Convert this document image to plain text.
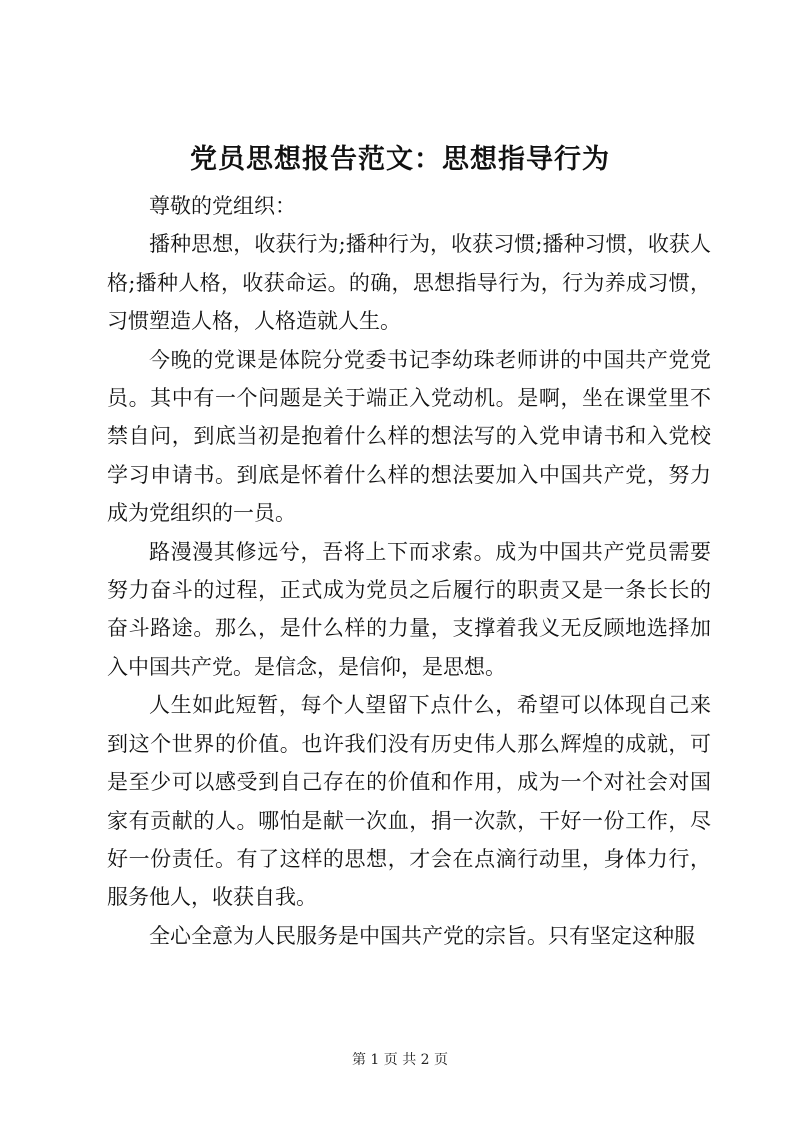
党员思想报告范文：思想指导行为

尊敬的党组织：

播种思想，收获行为;播种行为，收获习惯;播种习惯，收获人格;播种人格，收获命运。的确，思想指导行为，行为养成习惯，习惯塑造人格，人格造就人生。

今晚的党课是体院分党委书记李幼珠老师讲的中国共产党党员。其中有一个问题是关于端正入党动机。是啊，坐在课堂里不禁自问，到底当初是抱着什么样的想法写的入党申请书和入党校学习申请书。到底是怀着什么样的想法要加入中国共产党，努力成为党组织的一员。

路漫漫其修远兮，吾将上下而求索。成为中国共产党员需要努力奋斗的过程，正式成为党员之后履行的职责又是一条长长的奋斗路途。那么，是什么样的力量，支撑着我义无反顾地选择加入中国共产党。是信念，是信仰，是思想。

人生如此短暂，每个人望留下点什么，希望可以体现自己来到这个世界的价值。也许我们没有历史伟人那么辉煌的成就，可是至少可以感受到自己存在的价值和作用，成为一个对社会对国家有贡献的人。哪怕是献一次血，捐一次款，干好一份工作，尽好一份责任。有了这样的思想，才会在点滴行动里，身体力行，服务他人，收获自我。

全心全意为人民服务是中国共产党的宗旨。只有坚定这种服

第 1 页 共 2 页
